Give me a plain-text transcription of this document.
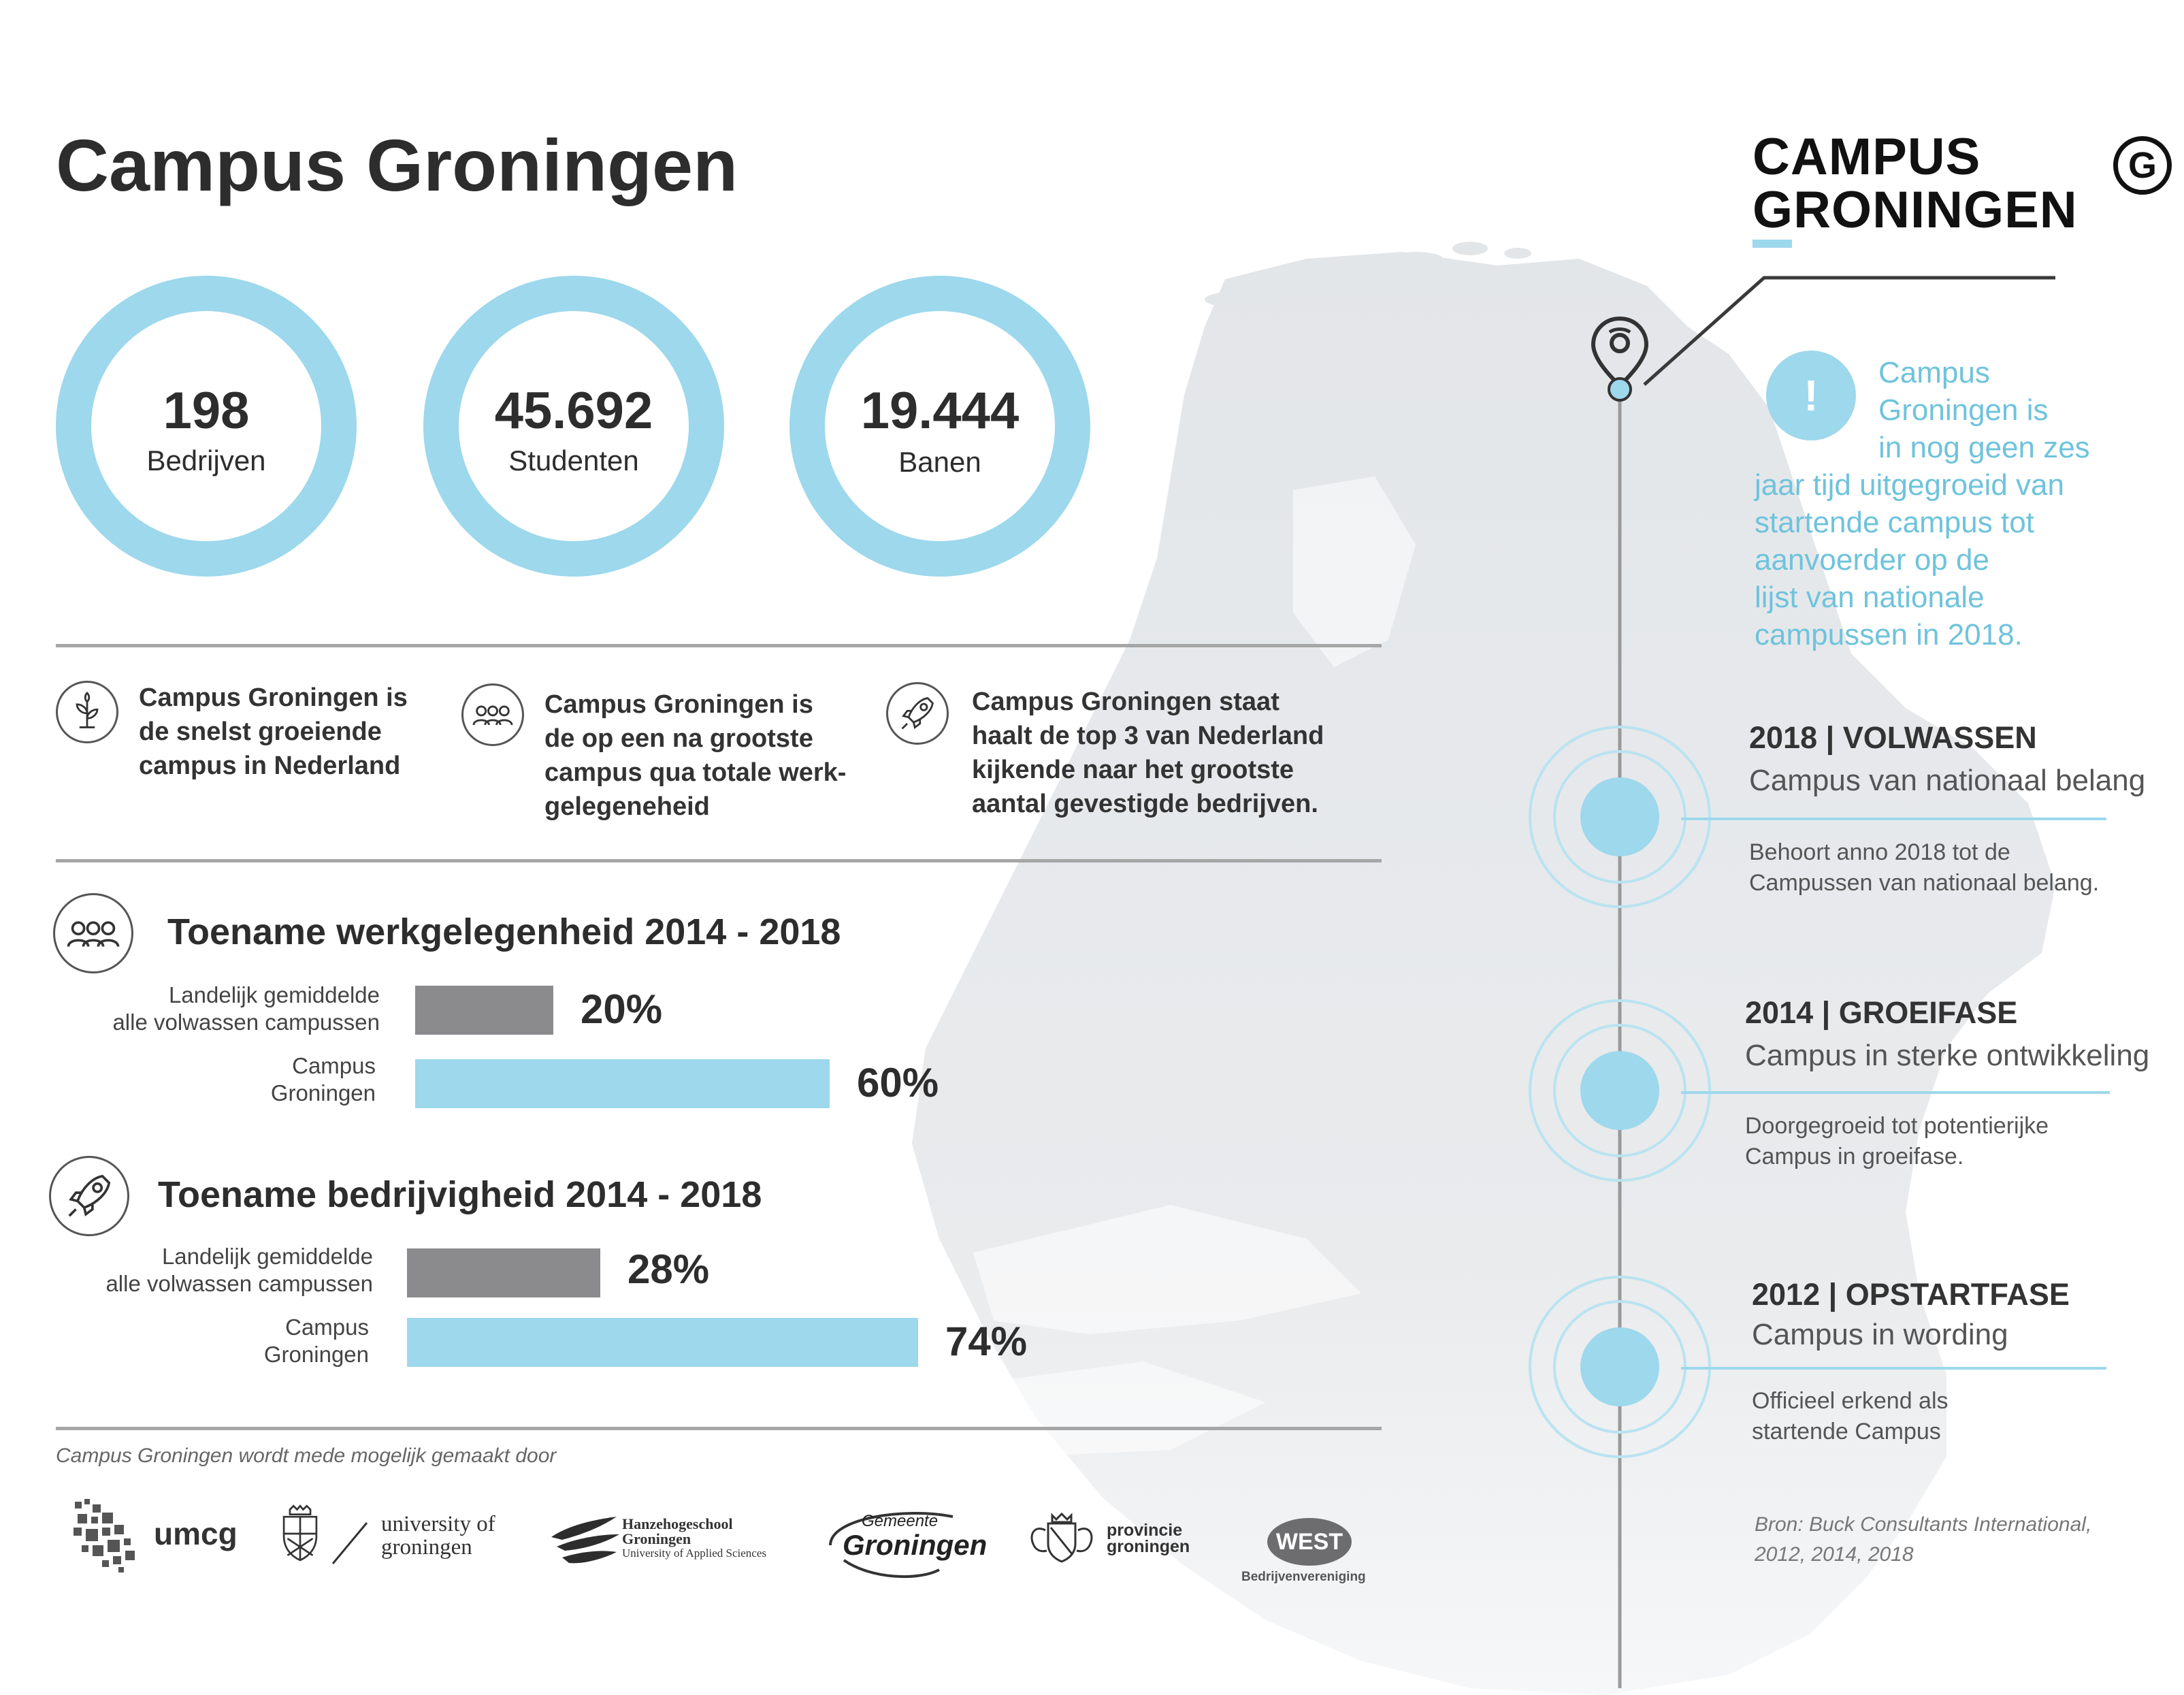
Campus Groningen
198
Bedrijven
45.692
Studenten
19.444
Banen
Campus Groningen is
de snelst groeiende
campus in Nederland
Campus Groningen is
de op een na grootste
campus qua totale werk-
gelegeneheid
Campus Groningen staat
haalt de top 3 van Nederland
kijkende naar het grootste
aantal gevestigde bedrijven.
Toename werkgelegenheid 2014 - 2018
Landelijk gemiddelde
alle volwassen campussen	20%
Campus
Groningen	60%
Toename bedrijvigheid 2014 - 2018
Landelijk gemiddelde
alle volwassen campussen	28%
Campus
Groningen	74%
Campus Groningen wordt mede mogelijk gemaakt door
umcg	university of
groningen
Hanzehogeschool
Groningen
University of Applied Sciences
Gemeente
Groningen	provincie
groningen	WEST
Bedrijvenvereniging
CAMPUS
GRONINGEN
G
!	Campus
Groningen is
in nog geen zes
jaar tijd uitgegroeid van
startende campus tot
aanvoerder op de
lijst van nationale
campussen in 2018.
2018 | VOLWASSEN
Campus van nationaal belang
Behoort anno 2018 tot de
Campussen van nationaal belang.
2014 | GROEIFASE
Campus in sterke ontwikkeling
Doorgegroeid tot potentierijke
Campus in groeifase.
2012 | OPSTARTFASE
Campus in wording
Officieel erkend als
startende Campus
Bron: Buck Consultants International,
2012, 2014, 2018
